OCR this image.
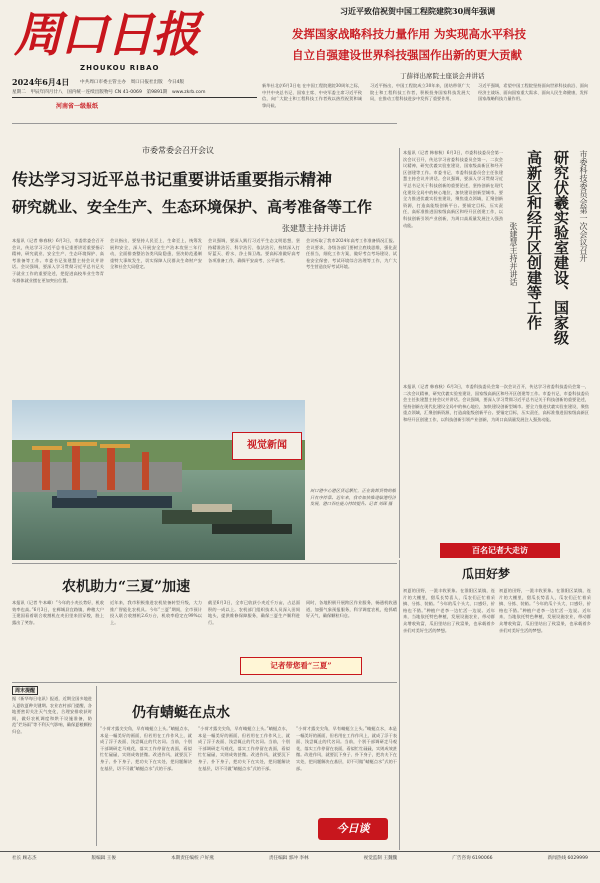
周口日报
ZHOUKOU RIBAO
2024年6月4日 中共周口市委主管主办　 周口日报社出版　 今日4版
星期二　 甲辰年四月廿八　 国内统一连续出版物号 CN 41-0069　 第9891期　 www.zkrb.com
河南省一级报纸
习近平致信祝贺中国工程院建院30周年强调
发挥国家战略科技力量作用 为实现高水平科技
自立自强建设世界科技强国作出新的更大贡献
丁薛祥出席院士座谈会并讲话
新华社北京6月3日电 在中国工程院建院30周年之际，中共中央总书记、国家主席、中央军委主席习近平致信，向广大院士和工程科技工作者致以热烈祝贺和诚挚问候。
习近平指出，中国工程院成立30年来，团结带领广大院士和工程科技工作者，积极投身国家科技发展大局，在推动工程科技进步中发挥了重要作用。
习近平强调，希望中国工程院坚持面向世界科技前沿、面向经济主战场、面向国家重大需求、面向人民生命健康，发挥国家战略科技力量作用。
市委常委会召开会议
传达学习习近平总书记重要讲话重要指示精神
研究就业、安全生产、生态环境保护、高考准备等工作
张建慧主持并讲话
本报讯（记者 韩春秋）6月3日，市委常委会召开会议，传达学习习近平总书记重要讲话重要指示精神，研究就业、安全生产、生态环境保护、高考准备等工作。市委书记张建慧主持会议并讲话。会议强调，要深入学习贯彻习近平总书记关于就业工作的重要论述，把促进高校毕业生等青年群体就业摆在更加突出位置。
会议指出，要坚持人民至上、生命至上，统筹发展和安全，深入开展安全生产治本攻坚三年行动，全面排查整治各类风险隐患，坚决防范遏制重特大事故发生，切实保障人民群众生命财产安全和社会大局稳定。
会议强调，要深入践行习近平生态文明思想，坚持精准治污、科学治污、依法治污，持续深入打好蓝天、碧水、净土保卫战。要高标准做好高考各项准备工作，确保平安高考、公平高考。
会议听取了我市2024年高考工作准备情况汇报。会议要求，各级各部门要树立底线思维，强化责任担当，细化工作方案，做好考点考场建设、试卷安全保密、考试环境综合治理等工作，为广大考生营造良好考试环境。
视觉新闻
周口港中心港区货运繁忙，正在装卸货物的船只有序停靠。近年来，我市加快推进临港经济发展，港口吞吐能力持续提升。记者 刘琛 摄
市委科技委员会第一次会议召开
研究伏羲实验室建设、国家级
高新区和经开区创建等工作
张建慧主持并讲话
本报讯（记者 韩春秋）6月3日，市委科技委员会第一次会议召开，传达学习省委科技委员会第一、二次会议精神，研究伏羲实验室建设、国家级高新区和经开区创建等工作。市委书记、市委科技委员会主任张建慧主持会议并讲话。会议强调，要深入学习贯彻习近平总书记关于科技创新的重要论述，坚持创新在现代化建设全局中的核心地位，加快建设创新型城市。要全力推进伏羲实验室建设，聚焦重点领域，汇聚创新资源，打造高能级创新平台。要锚定目标，压实责任，高标准推进国家级高新区和经开区创建工作，以科技创新引领产业创新，为周口高质量发展注入强劲动能。
本报讯（记者 韩春秋）6月3日，市委科技委员会第一次会议召开，传达学习省委科技委员会第一、二次会议精神，研究伏羲实验室建设、国家级高新区和经开区创建等工作。市委书记、市委科技委员会主任张建慧主持会议并讲话。会议强调，要深入学习贯彻习近平总书记关于科技创新的重要论述，坚持创新在现代化建设全局中的核心地位，加快建设创新型城市。要全力推进伏羲实验室建设，聚焦重点领域，汇聚创新资源，打造高能级创新平台。要锚定目标，压实责任，高标准推进国家级高新区和经开区创建工作，以科技创新引领产业创新，为周口高质量发展注入强劲动能。
农机助力“三夏”加速
本报讯（记者 牛本峰）“今年的小麦长势好，机收效率也高。”6月3日，在郸城县宜路镇，种粮大户王建国看着联合收割机在麦田里来回穿梭，脸上露出了笑容。
近年来，我市积极推进农机装备转型升级，大力推广智能化农机具。今年“三夏”期间，全市预计投入联合收割机2.6万台，机收率稳定在99%以上。
截至6月3日，全市已收获小麦近千万亩，占总面积的一成以上。农机部门组织技术人员深入田间地头，提供维修保障服务，确保三夏生产顺利进行。
同时，各地积极开展跨区作业服务，畅通机收通道，加强气象预报服务，科学调度农机，抢抓晴好天气，确保颗粒归仓。
记者带您看“三夏”
百名记者大走访
瓜田好梦
初夏的田野，一派丰收景象。在淮阳区某镇，连片的大棚里，甜瓜长势喜人，瓜农们正忙着采摘、分拣、装箱。“今年的瓜个头大、口感好，价格也不错。”种植户老李一边忙活一边说。近年来，当地依托特色种植，发展设施农业，带动群众增收致富，瓜田里结出了致富果，也承载着乡亲们对美好生活的梦想。
初夏的田野，一派丰收景象。在淮阳区某镇，连片的大棚里，甜瓜长势喜人，瓜农们正忙着采摘、分拣、装箱。“今年的瓜个头大、口感好，价格也不错。”种植户老李一边忙活一边说。近年来，当地依托特色种植，发展设施农业，带动群众增收致富，瓜田里结出了致富果，也承载着乡亲们对美好生活的梦想。
周末提醒
据《新华每日电讯》报道，近期全国多地进入夏收夏种关键期。农业农村部门提醒，各地要密切关注天气变化，合理安排收获时间，做好农机调度和烘干设施准备，防范“烂场雨”等不利天气影响，确保夏粮颗粒归仓。
仍有蜻蜓在点水
“小荷才露尖尖角，早有蜻蜓立上头。”蜻蜓点水，本是一幅美好的画面，但若用在工作作风上，就成了浮于表面、浅尝辄止的代名词。当前，个别干部调研走马观花，落实工作停留在表面，看似忙忙碌碌，实则成效甚微。改进作风，就要沉下身子、扑下身子，把功夫下在实处，把问题解决在基层，切不可做“蜻蜓点水”式的干部。
“小荷才露尖尖角，早有蜻蜓立上头。”蜻蜓点水，本是一幅美好的画面，但若用在工作作风上，就成了浮于表面、浅尝辄止的代名词。当前，个别干部调研走马观花，落实工作停留在表面，看似忙忙碌碌，实则成效甚微。改进作风，就要沉下身子、扑下身子，把功夫下在实处，把问题解决在基层，切不可做“蜻蜓点水”式的干部。
“小荷才露尖尖角，早有蜻蜓立上头。”蜻蜓点水，本是一幅美好的画面，但若用在工作作风上，就成了浮于表面、浅尝辄止的代名词。当前，个别干部调研走马观花，落实工作停留在表面，看似忙忙碌碌，实则成效甚微。改进作风，就要沉下身子、扑下身子，把功夫下在实处，把问题解决在基层，切不可做“蜻蜓点水”式的干部。
今日谈
社长 顾志杰	版编辑 王俊	本期责任编校 户好燕	责任编辑 郭冲 李林	视觉监制 王魏魏	广告咨询 6190066	新闻热线 6029999
